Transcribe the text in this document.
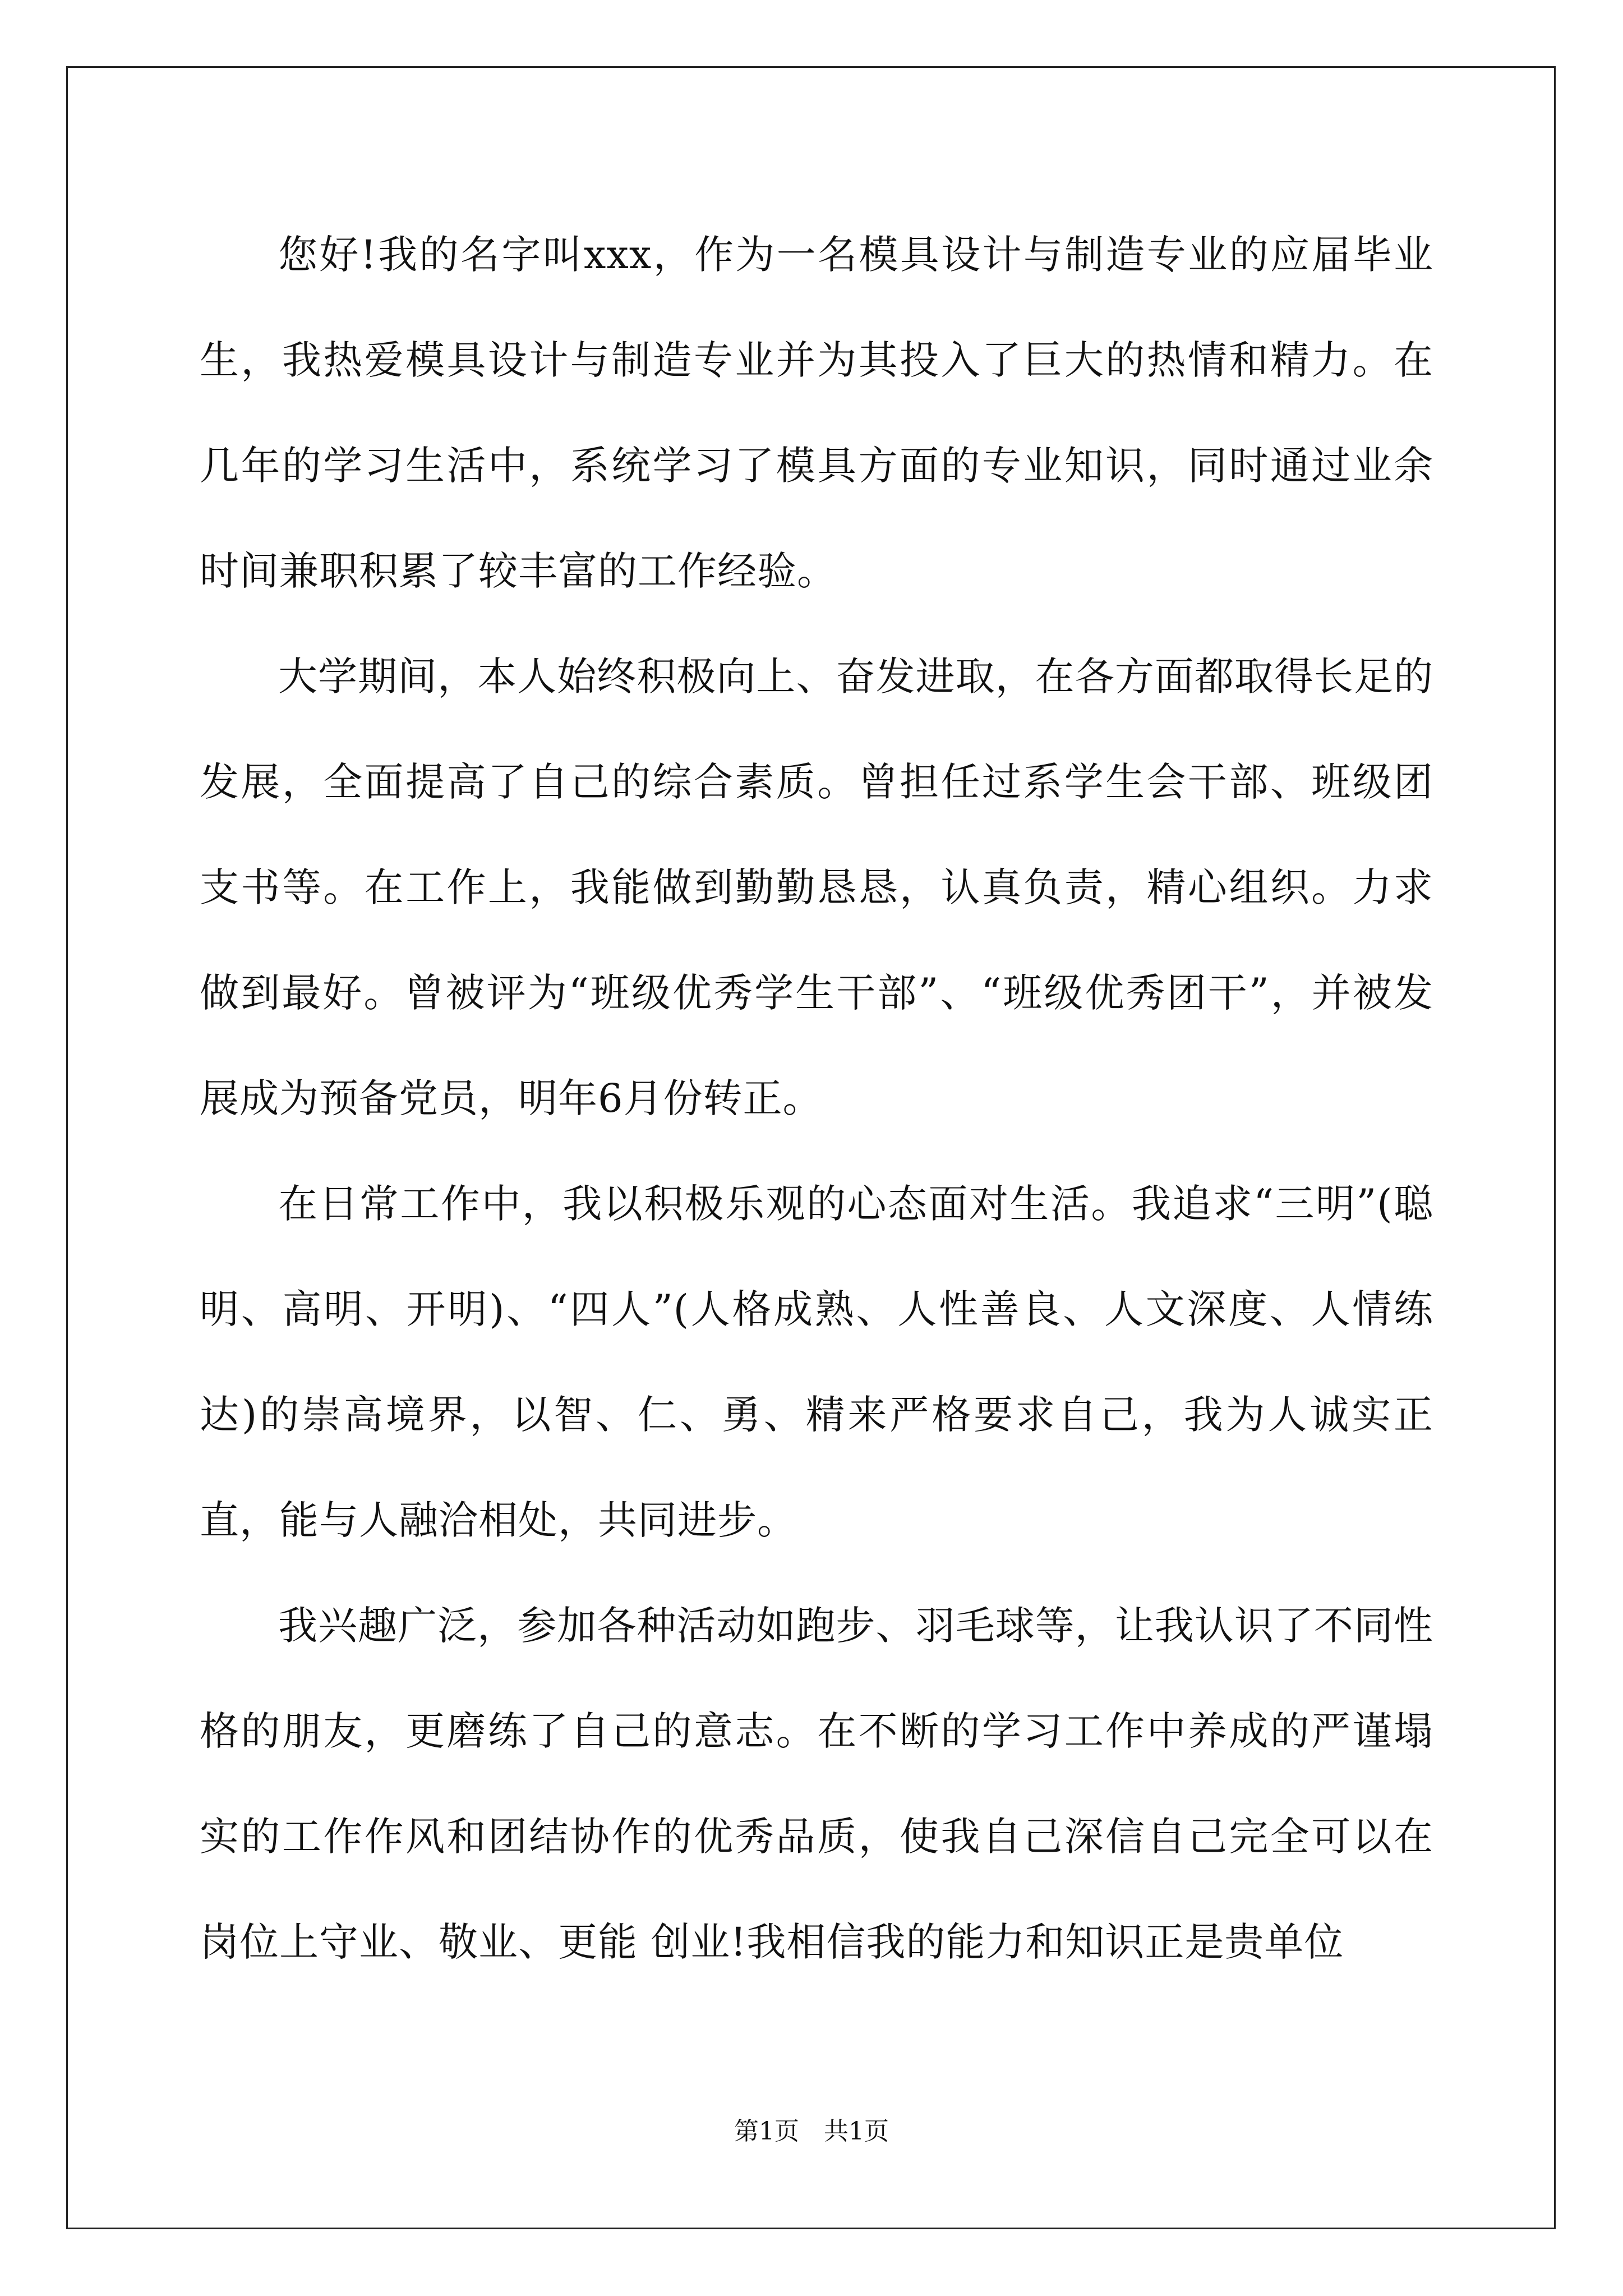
您好!我的名字叫xxx，作为一名模具设计与制造专业的应届毕业生，我热爱模具设计与制造专业并为其投入了巨大的热情和精力。在几年的学习生活中，系统学习了模具方面的专业知识，同时通过业余时间兼职积累了较丰富的工作经验。

大学期间，本人始终积极向上、奋发进取，在各方面都取得长足的发展，全面提高了自己的综合素质。曾担任过系学生会干部、班级团支书等。在工作上，我能做到勤勤恳恳，认真负责，精心组织。力求做到最好。曾被评为“班级优秀学生干部”、“班级优秀团干”，并被发展成为预备党员，明年6月份转正。

在日常工作中，我以积极乐观的心态面对生活。我追求“三明”(聪明、高明、开明)、“四人”(人格成熟、人性善良、人文深度、人情练达)的崇高境界，以智、仁、勇、精来严格要求自己，我为人诚实正直，能与人融洽相处，共同进步。

我兴趣广泛，参加各种活动如跑步、羽毛球等，让我认识了不同性格的朋友，更磨练了自己的意志。在不断的学习工作中养成的严谨塌实的工作作风和团结协作的优秀品质，使我自己深信自己完全可以在岗位上守业、敬业、更能 创业!我相信我的能力和知识正是贵单位

第1页 共1页
